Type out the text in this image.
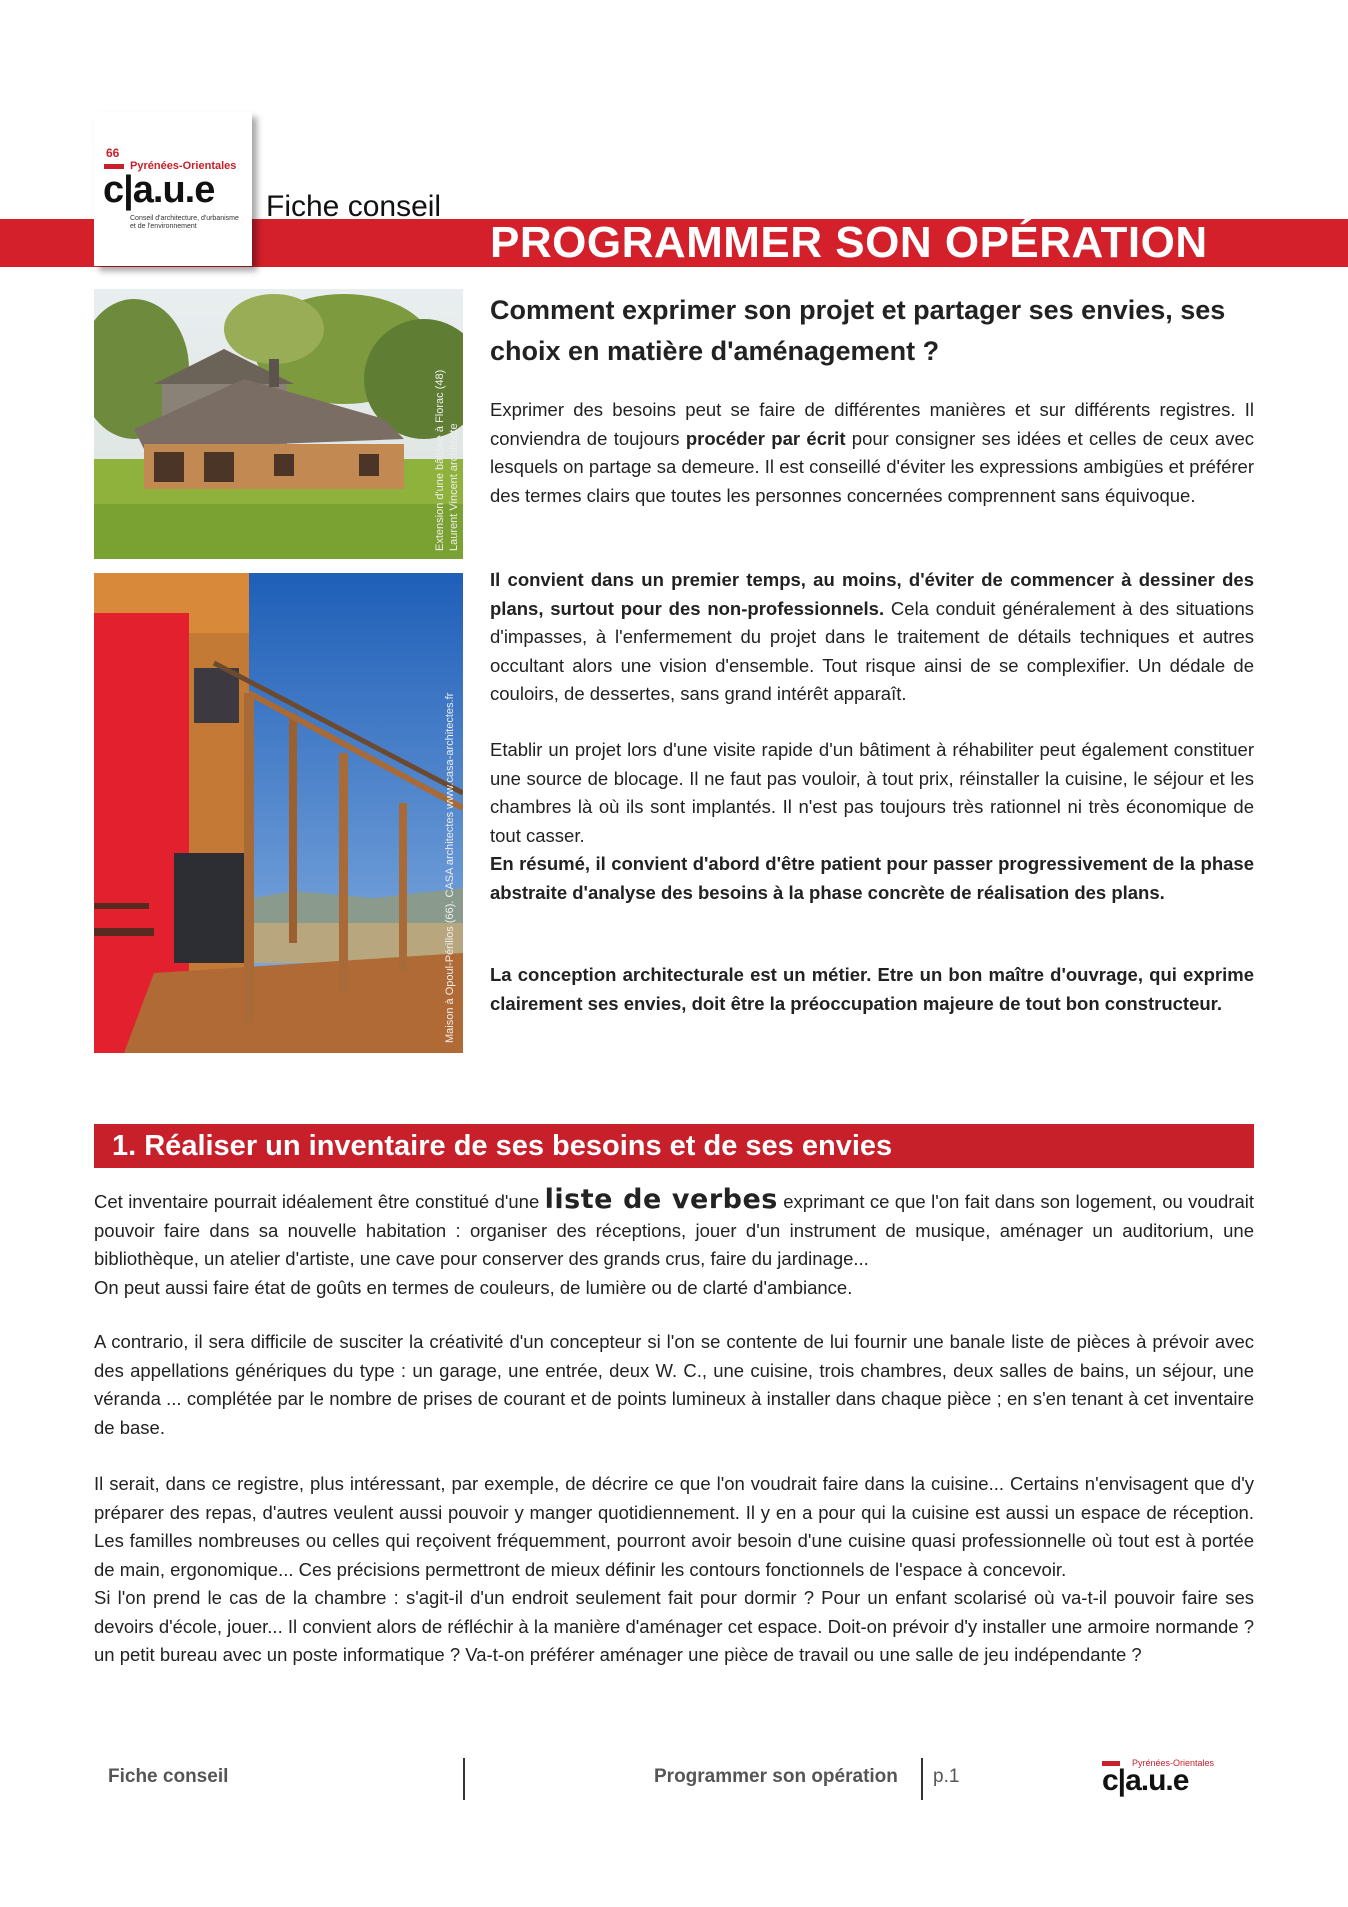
66
Pyrénées-Orientales
c|a.u.e
Conseil d'architecture, d'urbanisme et de l'environnement
Fiche conseil
PROGRAMMER SON OPÉRATION
Extension d'une bâtisse à Florac (48) Laurent Vincent architecte
Maison à Opoul-Périllos (66). CASA architectes www.casa-architectes.fr
Comment exprimer son projet et partager ses envies, ses choix en matière d'aménagement ?

Exprimer des besoins peut se faire de différentes manières et sur différents registres. Il conviendra de toujours procéder par écrit pour consigner ses idées et celles de ceux avec lesquels on partage sa demeure. Il est conseillé d'éviter les expressions ambigües et préférer des termes clairs que toutes les personnes concernées comprennent sans équivoque.

Il convient dans un premier temps, au moins, d'éviter de commencer à dessiner des plans, surtout pour des non-professionnels. Cela conduit généralement à des situations d'impasses, à l'enfermement du projet dans le traitement de détails techniques et autres occultant alors une vision d'ensemble. Tout risque ainsi de se complexifier. Un dédale de couloirs, de dessertes, sans grand intérêt apparaît.

Etablir un projet lors d'une visite rapide d'un bâtiment à réhabiliter peut également constituer une source de blocage. Il ne faut pas vouloir, à tout prix, réinstaller la cuisine, le séjour et les chambres là où ils sont implantés. Il n'est pas toujours très rationnel ni très économique de tout casser.

En résumé, il convient d'abord d'être patient pour passer progressivement de la phase abstraite d'analyse des besoins à la phase concrète de réalisation des plans.

La conception architecturale est un métier. Etre un bon maître d'ouvrage, qui exprime clairement ses envies, doit être la préoccupation majeure de tout bon constructeur.

1. Réaliser un inventaire de ses besoins et de ses envies

Cet inventaire pourrait idéalement être constitué d'une liste de verbes exprimant ce que l'on fait dans son logement, ou voudrait pouvoir faire dans sa nouvelle habitation : organiser des réceptions, jouer d'un instrument de musique, aménager un auditorium, une bibliothèque, un atelier d'artiste, une cave pour conserver des grands crus, faire du jardinage...

On peut aussi faire état de goûts en termes de couleurs, de lumière ou de clarté d'ambiance.

A contrario, il sera difficile de susciter la créativité d'un concepteur si l'on se contente de lui fournir une banale liste de pièces à prévoir avec des appellations génériques du type : un garage, une entrée, deux W. C., une cuisine, trois chambres, deux salles de bains, un séjour, une véranda ... complétée par le nombre de prises de courant et de points lumineux à installer dans chaque pièce ; en s'en tenant à cet inventaire de base.

Il serait, dans ce registre, plus intéressant, par exemple, de décrire ce que l'on voudrait faire dans la cuisine... Certains n'envisagent que d'y préparer des repas, d'autres veulent aussi pouvoir y manger quotidiennement. Il y en a pour qui la cuisine est aussi un espace de réception. Les familles nombreuses ou celles qui reçoivent fréquemment, pourront avoir besoin d'une cuisine quasi professionnelle où tout est à portée de main, ergonomique... Ces précisions permettront de mieux définir les contours fonctionnels de l'espace à concevoir.

Si l'on prend le cas de la chambre : s'agit-il d'un endroit seulement fait pour dormir ? Pour un enfant scolarisé où va-t-il pouvoir faire ses devoirs d'école, jouer... Il convient alors de réfléchir à la manière d'aménager cet espace. Doit-on prévoir d'y installer une armoire normande ? un petit bureau avec un poste informatique ? Va-t-on préférer aménager une pièce de travail ou une salle de jeu indépendante ?

Fiche conseil	Programmer son opération p.1
Pyrénées-Orientales
c|a.u.e
